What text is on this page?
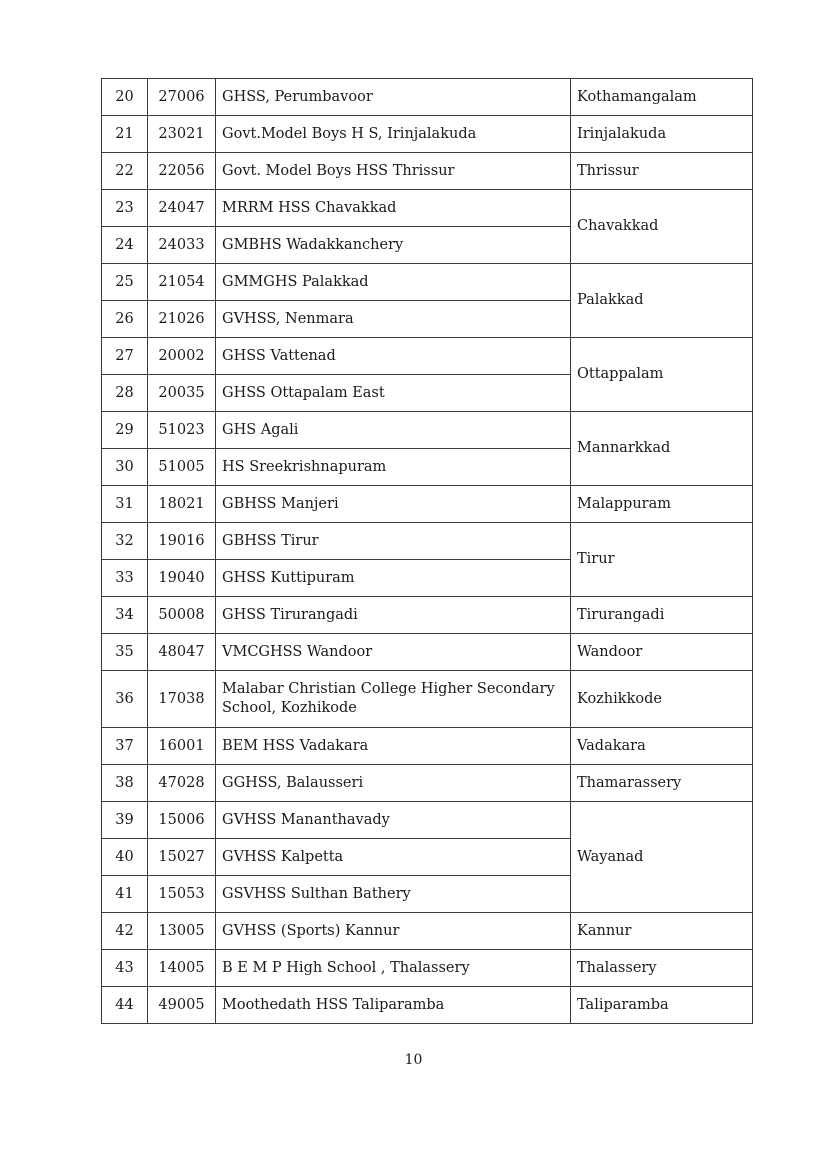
20	27006	GHSS, Perumbavoor	Kothamangalam
21	23021	Govt.Model Boys H S, Irinjalakuda	Irinjalakuda
22	22056	Govt. Model Boys HSS Thrissur	Thrissur
23	24047	MRRM HSS Chavakkad	Chavakkad
24	24033	GMBHS Wadakkanchery	
25	21054	GMMGHS Palakkad	Palakkad
26	21026	GVHSS, Nenmara	
27	20002	GHSS Vattenad	Ottappalam
28	20035	GHSS Ottapalam East	
29	51023	GHS Agali	Mannarkkad
30	51005	HS Sreekrishnapuram	
31	18021	GBHSS Manjeri	Malappuram
32	19016	GBHSS Tirur	Tirur
33	19040	GHSS Kuttipuram	
34	50008	GHSS Tirurangadi	Tirurangadi
35	48047	VMCGHSS Wandoor	Wandoor
36	17038	Malabar Christian College Higher Secondary School, Kozhikode	Kozhikkode
37	16001	BEM HSS Vadakara	Vadakara
38	47028	GGHSS, Balausseri	Thamarassery
39	15006	GVHSS Mananthavady	Wayanad
40	15027	GVHSS Kalpetta	
41	15053	GSVHSS Sulthan Bathery	
42	13005	GVHSS (Sports) Kannur	Kannur
43	14005	B E M P High School , Thalassery	Thalassery
44	49005	Moothedath HSS Taliparamba	Taliparamba
10
